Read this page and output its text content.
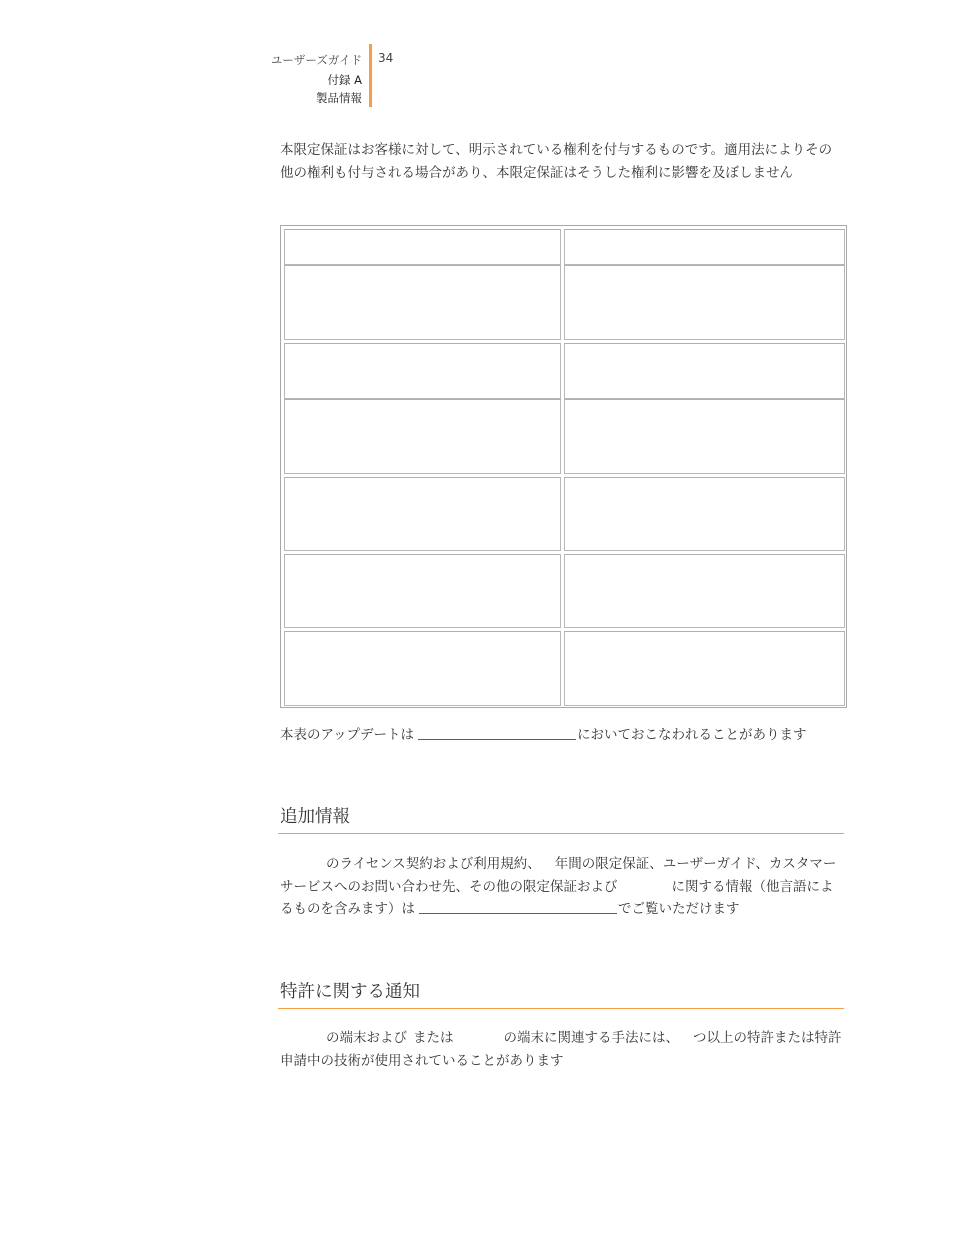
ユーザーズガイド
付録 A
製品情報
34
本限定保証はお客様に対して、明示されている権利を付与するものです。適用法によりその他の権利も付与される場合があり、本限定保証はそうした権利に影響を及ぼしません
本表のアップデートは	においておこなわれることがあります
追加情報
のライセンス契約および利用規約、 年間の限定保証、ユーザーガイド、カスタマーサービスへのお問い合わせ先、その他の限定保証および	に関する情報（他言語によるものを含みます）は	でご覧いただけます
特許に関する通知
の端末および または	の端末に関連する手法には、 つ以上の特許または特許申請中の技術が使用されていることがあります
